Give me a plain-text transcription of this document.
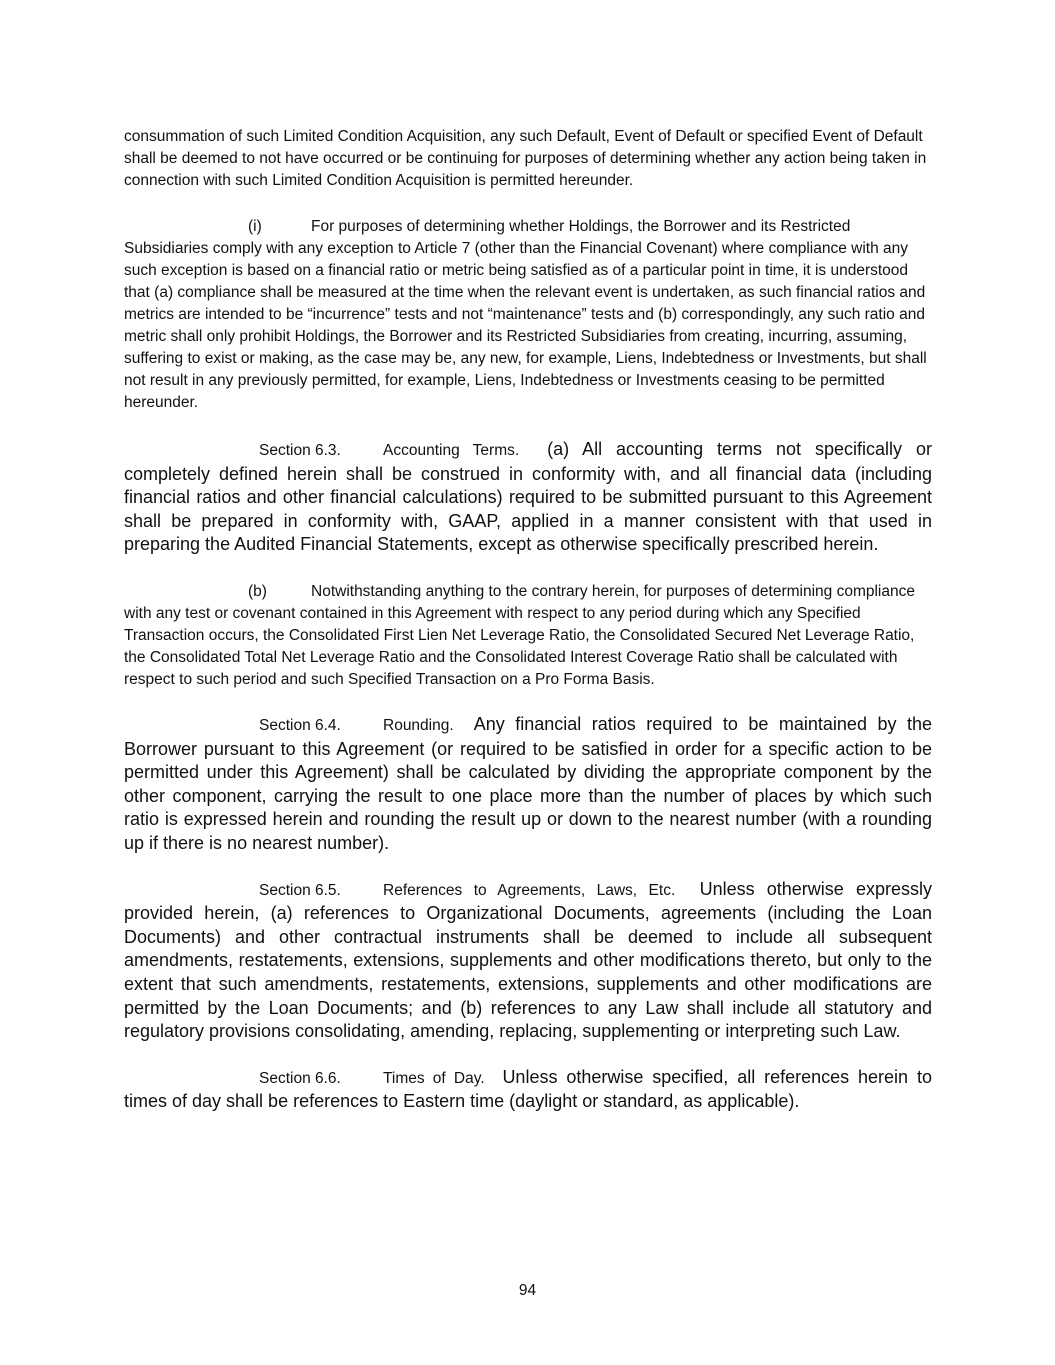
consummation of such Limited Condition Acquisition, any such Default, Event of Default or specified Event of Default shall be deemed to not have occurred or be continuing for purposes of determining whether any action being taken in connection with such Limited Condition Acquisition is permitted hereunder.

(i)	For purposes of determining whether Holdings, the Borrower and its Restricted Subsidiaries comply with any exception to Article 7 (other than the Financial Covenant) where compliance with any such exception is based on a financial ratio or metric being satisfied as of a particular point in time, it is understood that (a) compliance shall be measured at the time when the relevant event is undertaken, as such financial ratios and metrics are intended to be “incurrence” tests and not “maintenance” tests and (b) correspondingly, any such ratio and metric shall only prohibit Holdings, the Borrower and its Restricted Subsidiaries from creating, incurring, assuming, suffering to exist or making, as the case may be, any new, for example, Liens, Indebtedness or Investments, but shall not result in any previously permitted, for example, Liens, Indebtedness or Investments ceasing to be permitted hereunder.

Section 6.3.	Accounting Terms. (a) All accounting terms not specifically or completely defined herein shall be construed in conformity with, and all financial data (including financial ratios and other financial calculations) required to be submitted pursuant to this Agreement shall be prepared in conformity with, GAAP, applied in a manner consistent with that used in preparing the Audited Financial Statements, except as otherwise specifically prescribed herein.

(b)	Notwithstanding anything to the contrary herein, for purposes of determining compliance with any test or covenant contained in this Agreement with respect to any period during which any Specified Transaction occurs, the Consolidated First Lien Net Leverage Ratio, the Consolidated Secured Net Leverage Ratio, the Consolidated Total Net Leverage Ratio and the Consolidated Interest Coverage Ratio shall be calculated with respect to such period and such Specified Transaction on a Pro Forma Basis.

Section 6.4.	Rounding. Any financial ratios required to be maintained by the Borrower pursuant to this Agreement (or required to be satisfied in order for a specific action to be permitted under this Agreement) shall be calculated by dividing the appropriate component by the other component, carrying the result to one place more than the number of places by which such ratio is expressed herein and rounding the result up or down to the nearest number (with a rounding up if there is no nearest number).

Section 6.5.	References to Agreements, Laws, Etc. Unless otherwise expressly provided herein, (a) references to Organizational Documents, agreements (including the Loan Documents) and other contractual instruments shall be deemed to include all subsequent amendments, restatements, extensions, supplements and other modifications thereto, but only to the extent that such amendments, restatements, extensions, supplements and other modifications are permitted by the Loan Documents; and (b) references to any Law shall include all statutory and regulatory provisions consolidating, amending, replacing, supplementing or interpreting such Law.

Section 6.6.	Times of Day. Unless otherwise specified, all references herein to times of day shall be references to Eastern time (daylight or standard, as applicable).

94
